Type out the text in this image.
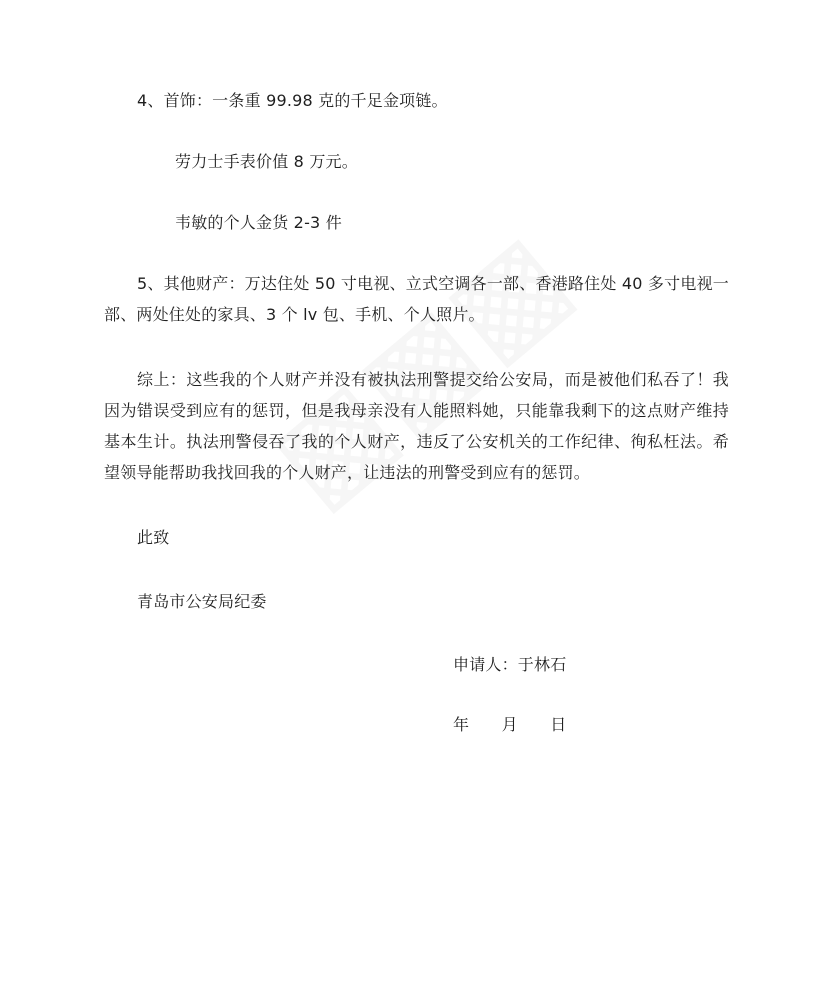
4、首饰：一条重 99.98 克的千足金项链。
劳力士手表价值 8 万元。
韦敏的个人金货 2-3 件
5、其他财产：万达住处 50 寸电视、立式空调各一部、香港路住处 40 多寸电视一部、两处住处的家具、3 个 lv 包、手机、个人照片。
综上：这些我的个人财产并没有被执法刑警提交给公安局，而是被他们私吞了！我因为错误受到应有的惩罚，但是我母亲没有人能照料她，只能靠我剩下的这点财产维持基本生计。执法刑警侵吞了我的个人财产，违反了公安机关的工作纪律、徇私枉法。希望领导能帮助我找回我的个人财产，让违法的刑警受到应有的惩罚。
此致
青岛市公安局纪委
申请人：于林石
年　　月　　日
